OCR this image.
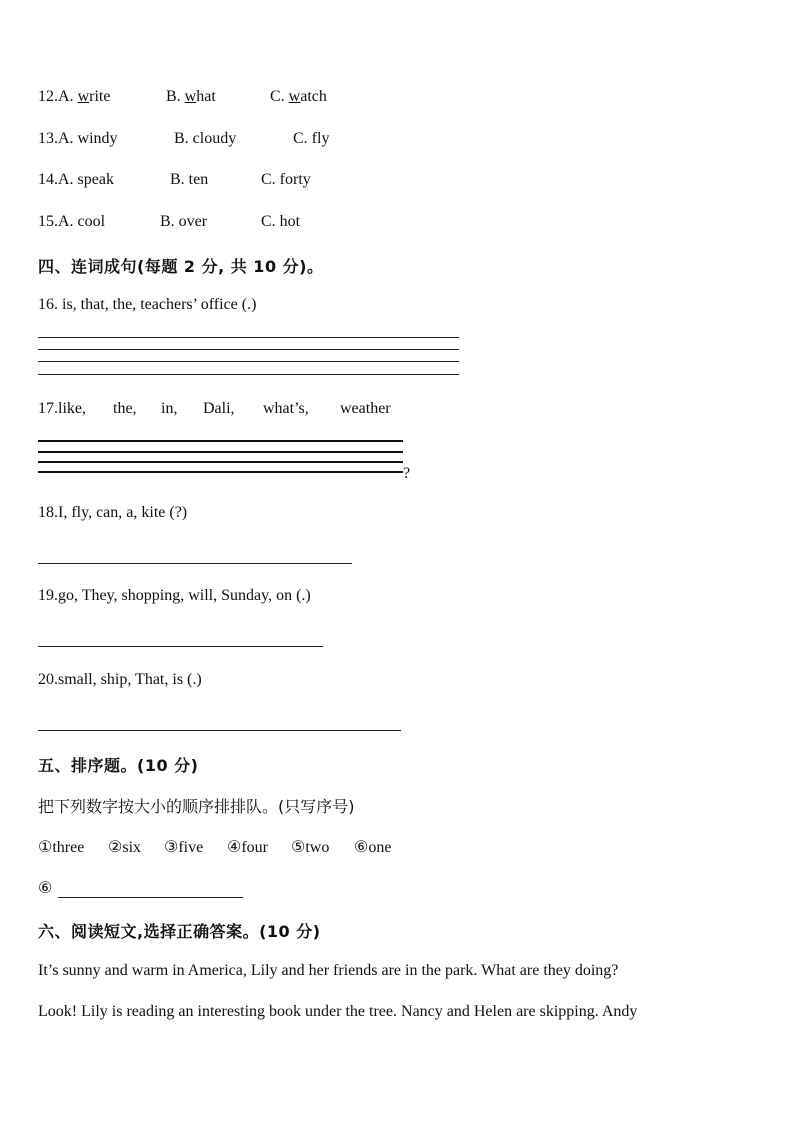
12.A. write	B. what	C. watch
13.A. windy	B. cloudy	C. fly
14.A. speak	B. ten	C. forty
15.A. cool	B. over	C. hot
四、连词成句(每题 2 分, 共 10 分)。
16. is, that, the, teachers’ office (.)
17.like, the, in, Dali, what’s, weather
?
18.I, fly, can, a, kite (?)
19.go, They, shopping, will, Sunday, on (.)
20.small, ship, That, is (.)
五、排序题。(10 分)
把下列数字按大小的顺序排排队。(只写序号)
①three ②six ③five ④four ⑤two ⑥one
⑥
六、阅读短文,选择正确答案。(10 分)
It’s sunny and warm in America, Lily and her friends are in the park. What are they doing?
Look! Lily is reading an interesting book under the tree. Nancy and Helen are skipping. Andy
